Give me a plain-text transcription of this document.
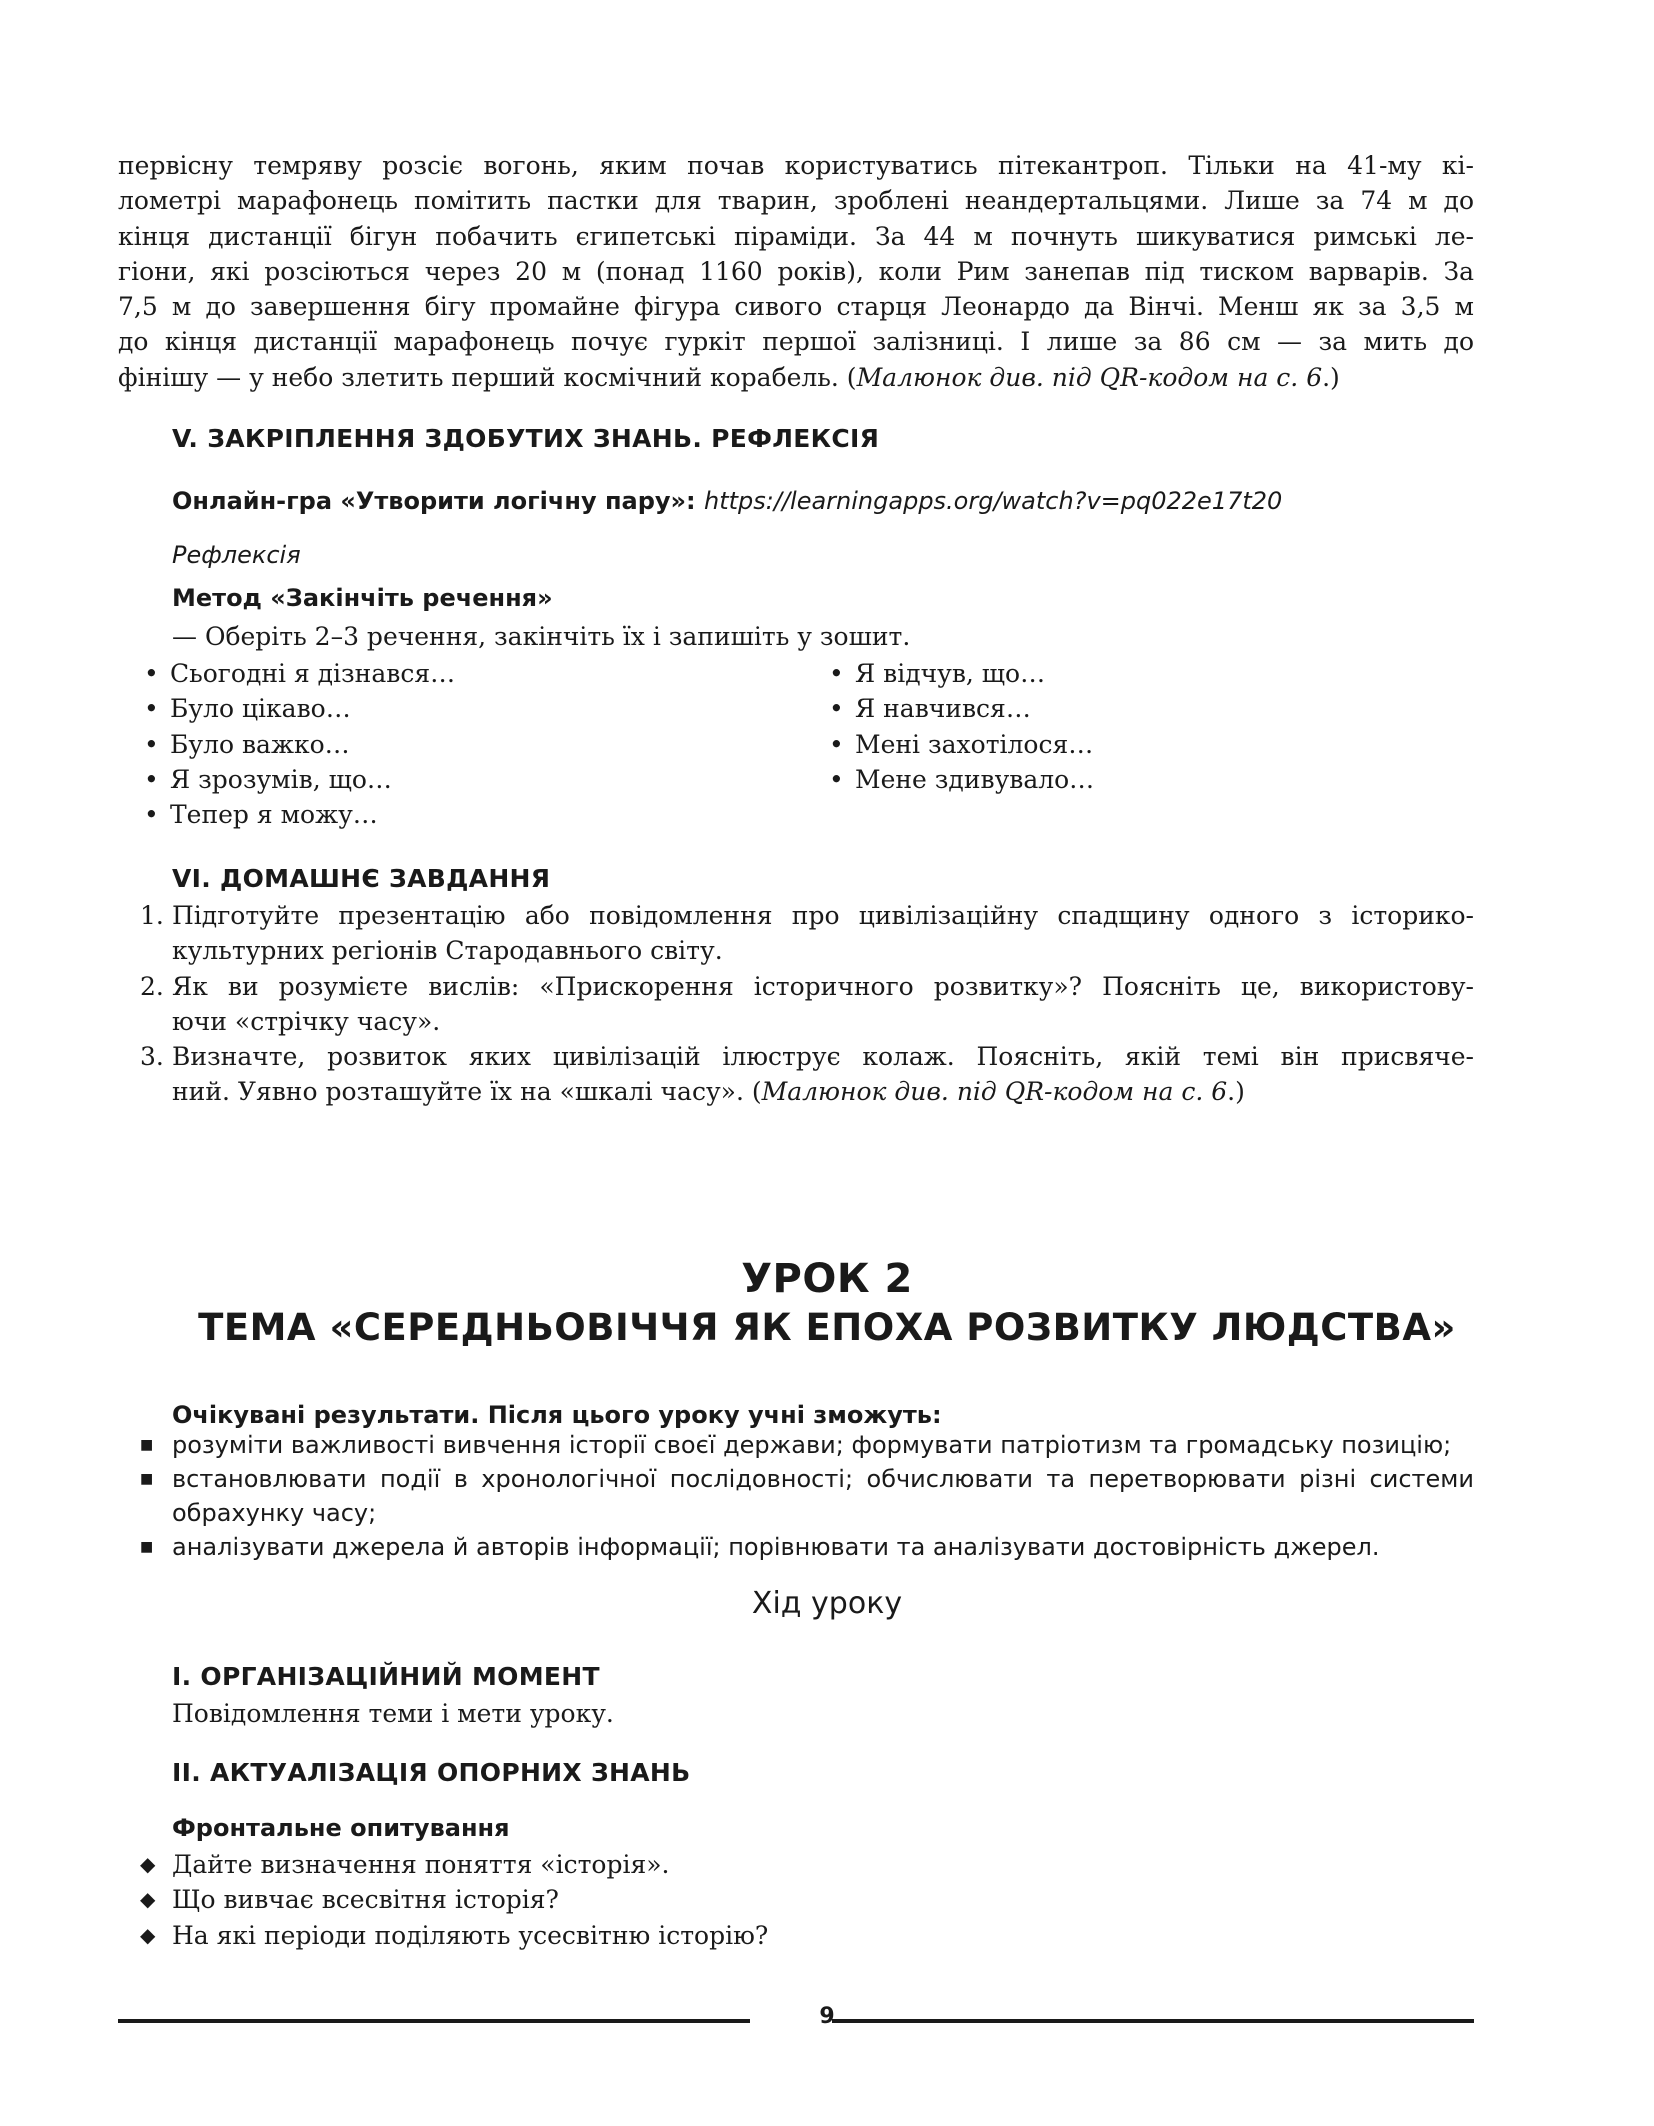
первісну темряву розсіє вогонь, яким почав користуватись пітекантроп. Тільки на 41-му кі-
лометрі марафонець помітить пастки для тварин, зроблені неандертальцями. Лише за 74 м до
кінця дистанції бігун побачить єгипетські піраміди. За 44 м почнуть шикуватися римські ле-
гіони, які розсіються через 20 м (понад 1160 років), коли Рим занепав під тиском варварів. За
7,5 м до завершення бігу промайне фігура сивого старця Леонардо да Вінчі. Менш як за 3,5 м
до кінця дистанції марафонець почує гуркіт першої залізниці. І лише за 86 см — за мить до
фінішу — у небо злетить перший космічний корабель. (Малюнок див. під QR-кодом на с. 6.)
V. ЗАКРІПЛЕННЯ ЗДОБУТИХ ЗНАНЬ. РЕФЛЕКСІЯ
Онлайн-гра «Утворити логічну пару»: https://learningapps.org/watch?v=pq022e17t20
Рефлексія
Метод «Закінчіть речення»
— Оберіть 2–3 речення, закінчіть їх і запишіть у зошит.
• Сьогодні я дізнався…
• Було цікаво…
• Було важко…
• Я зрозумів, що…
• Тепер я можу…
• Я відчув, що…
• Я навчився…
• Мені захотілося…
• Мене здивувало…
VI. ДОМАШНЄ ЗАВДАННЯ
1. Підготуйте презентацію або повідомлення про цивілізаційну спадщину одного з історико-
культурних регіонів Стародавнього світу.
2. Як ви розумієте вислів: «Прискорення історичного розвитку»? Поясніть це, використову-
ючи «стрічку часу».
3. Визначте, розвиток яких цивілізацій ілюструє колаж. Поясніть, якій темі він присвяче-
ний. Уявно розташуйте їх на «шкалі часу». (Малюнок див. під QR-кодом на с. 6.)
УРОК 2
ТЕМА «СЕРЕДНЬОВІЧЧЯ ЯК ЕПОХА РОЗВИТКУ ЛЮДСТВА»
Очікувані результати. Після цього уроку учні зможуть:
■ розуміти важливості вивчення історії своєї держави; формувати патріотизм та громадську позицію;
■ встановлювати події в хронологічної послідовності; обчислювати та перетворювати різні системи
обрахунку часу;
■ аналізувати джерела й авторів інформації; порівнювати та аналізувати достовірність джерел.
Хід уроку
І. ОРГАНІЗАЦІЙНИЙ МОМЕНТ
Повідомлення теми і мети уроку.
ІІ. АКТУАЛІЗАЦІЯ ОПОРНИХ ЗНАНЬ
Фронтальне опитування
◆ Дайте визначення поняття «історія».
◆ Що вивчає всесвітня історія?
◆ На які періоди поділяють усесвітню історію?
9
